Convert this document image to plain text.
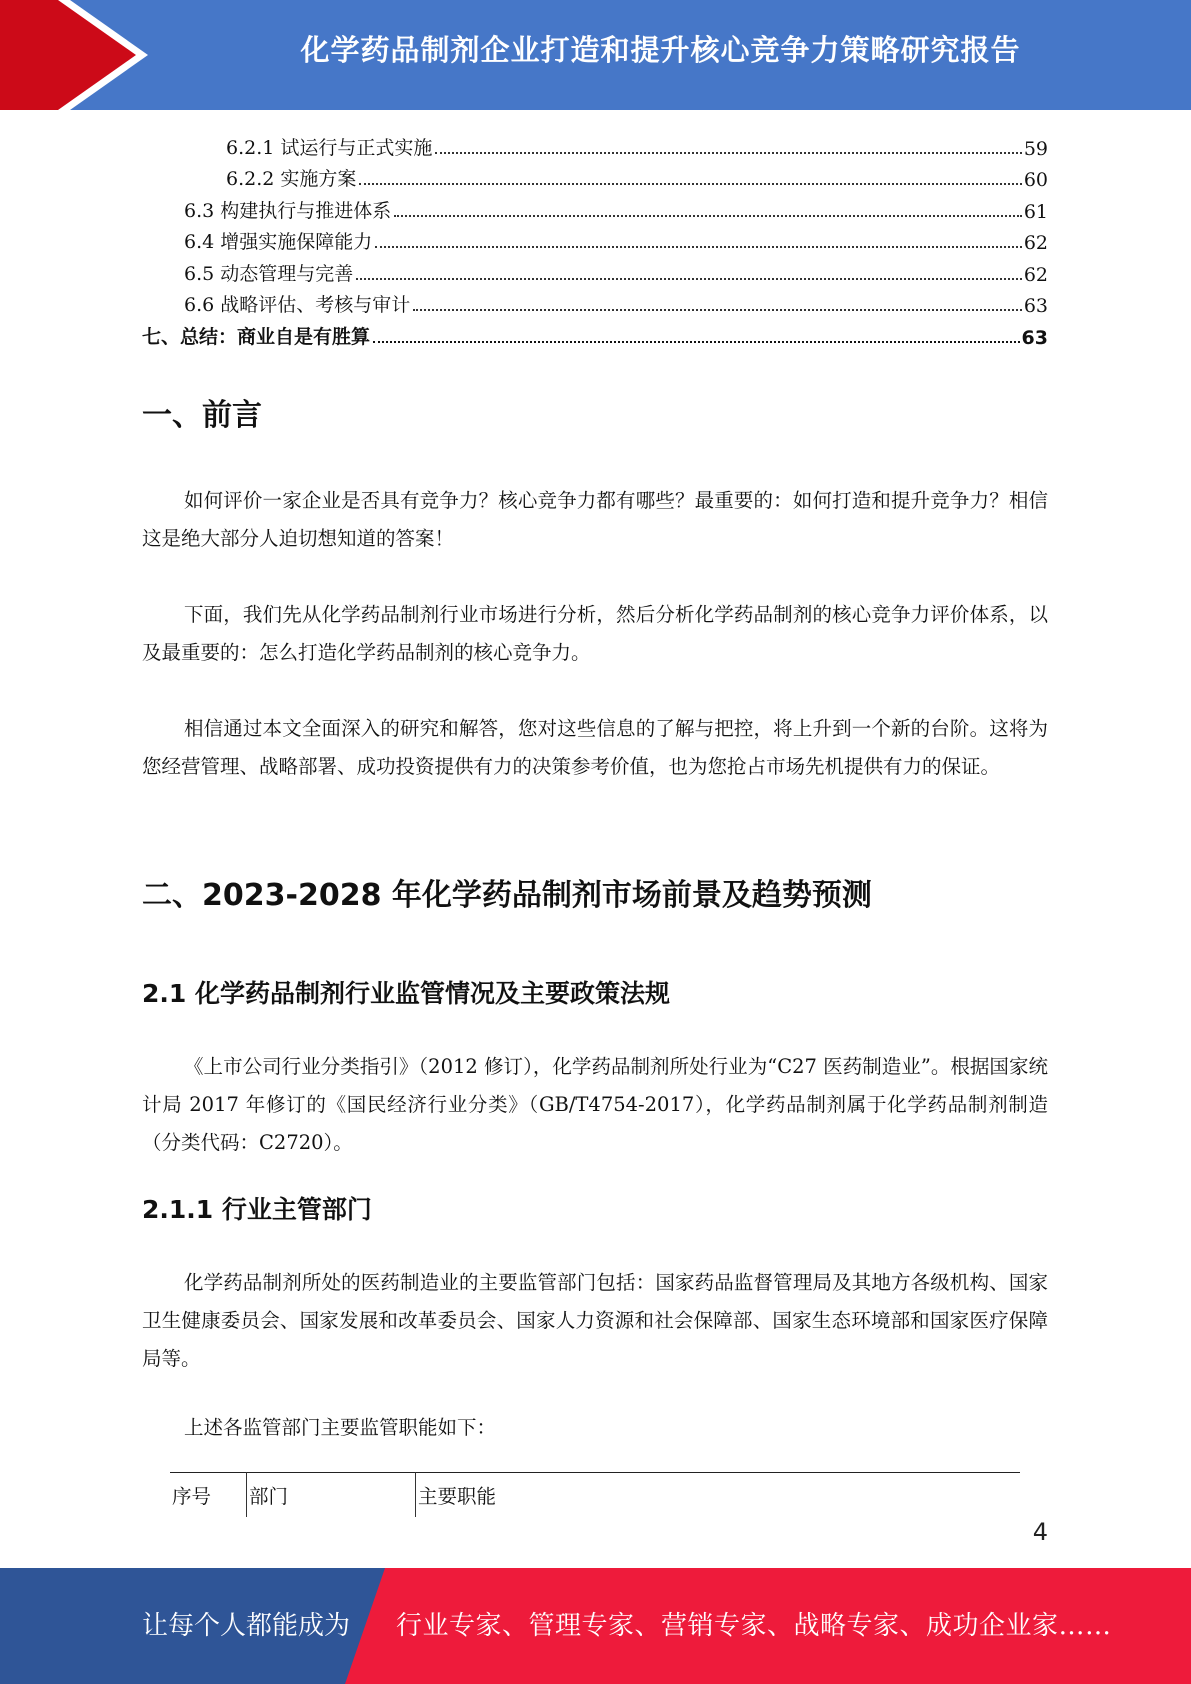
化学药品制剂企业打造和提升核心竞争力策略研究报告
6.2.1 试运行与正式实施	59
6.2.2 实施方案	60
6.3 构建执行与推进体系	61
6.4 增强实施保障能力	62
6.5 动态管理与完善	62
6.6 战略评估、考核与审计	63
七、总结：商业自是有胜算	63
一、前言

如何评价一家企业是否具有竞争力？核心竞争力都有哪些？最重要的：如何打造和提升竞争力？相信这是绝大部分人迫切想知道的答案！

下面，我们先从化学药品制剂行业市场进行分析，然后分析化学药品制剂的核心竞争力评价体系，以及最重要的：怎么打造化学药品制剂的核心竞争力。

相信通过本文全面深入的研究和解答，您对这些信息的了解与把控，将上升到一个新的台阶。这将为您经营管理、战略部署、成功投资提供有力的决策参考价值，也为您抢占市场先机提供有力的保证。

二、2023-2028 年化学药品制剂市场前景及趋势预测
2.1 化学药品制剂行业监管情况及主要政策法规

《上市公司行业分类指引》（2012 修订），化学药品制剂所处行业为“C27 医药制造业”。根据国家统计局 2017 年修订的《国民经济行业分类》（GB/T4754-2017），化学药品制剂属于化学药品制剂制造（分类代码：C2720）。

2.1.1 行业主管部门

化学药品制剂所处的医药制造业的主要监管部门包括：国家药品监督管理局及其地方各级机构、国家卫生健康委员会、国家发展和改革委员会、国家人力资源和社会保障部、国家生态环境部和国家医疗保障局等。

上述各监管部门主要监管职能如下：

序号	部门	主要职能
4
让每个人都能成为 行业专家、管理专家、营销专家、战略专家、成功企业家……
